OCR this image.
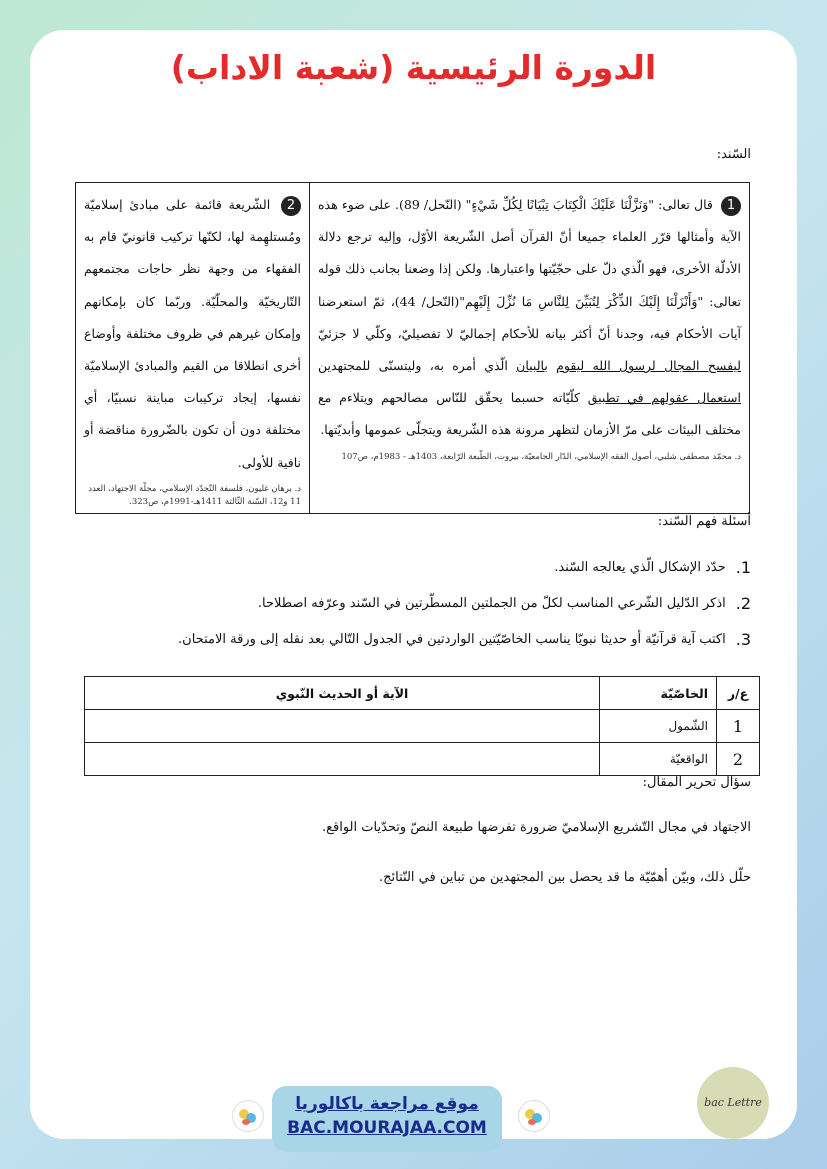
الدورة الرئيسية (شعبة الاداب)
السّند:
1 قال تعالى: "وَنَزَّلْنَا عَلَيْكَ الْكِتَابَ تِبْيَانًا لِكُلِّ شَيْءٍ" (النّحل/ 89). على ضوء هذه الآية وأمثالها قرّر العلماء جميعا أنّ القرآن أصل الشّريعة الأوّل، وإليه ترجع دلالة الأدلّة الأخرى، فهو الّذي دلّ على حجّيّتها واعتبارها. ولكن إذا وضعنا بجانب ذلك قوله تعالى: "وَأَنْزَلْنَا إِلَيْكَ الذِّكْرَ لِتُبَيِّنَ لِلنَّاسِ مَا نُزِّلَ إِلَيْهِم"(النّحل/ 44)، ثمّ استعرضنا آيات الأحكام فيه، وجدنا أنّ أكثر بيانه للأحكام إجماليّ لا تفصيليّ، وكلّي لا جزئيّ ليفسح المجال لرسول الله ليقوم بالبيان الّذي أمره به، وليتسنّى للمجتهدين استعمال عقولهم في تطبيق كلّيّاته حسبما يحقّق للنّاس مصالحهم ويتلاءم مع مختلف البيئات على مرّ الأزمان لتظهر مرونة هذه الشّريعة ويتجلّى عمومها وأبديّتها.
د. محمّد مصطفى شلبي، أصول الفقه الإسلامي، الدّار الجامعيّة، بيروت، الطّبعة الرّابعة، 1403هـ - 1983م، ص107
2 الشّريعة قائمة على مبادئ إسلاميّة ومُستلهِمة لها، لكنّها تركيب قانونيّ قام به الفقهاء من وجهة نظر حاجات مجتمعهم التّاريخيّة والمحلّيّة. وربّما كان بإمكانهم وإمكان غيرهم في ظروف مختلفة وأوضاع أخرى انطلاقا من القيم والمبادئ الإسلاميّة نفسها، إيجاد تركيبات مباينة نسبيّا، أي مختلفة دون أن تكون بالضّرورة مناقضة أو نافية للأولى.
د. برهان غليون، فلسفة التّجدّد الإسلامي، مجلّة الاجتهاد، العدد 11 و12، السّنة الثّالثة 1411هـ-1991م، ص323.
أسئلة فهم السّند:
1.
حدّد الإشكال الّذي يعالجه السّند.
2.
اذكر الدّليل الشّرعي المناسب لكلّ من الجملتين المسطّرتين في السّند وعرّفه اصطلاحا.
3.
اكتب آية قرآنيّة أو حديثا نبويّا يناسب الخاصّيّتين الواردتين في الجدول التّالي بعد نقله إلى ورقة الامتحان.
ع/ر	الخاصّيّة	الآية أو الحديث النّبوي
1	الشّمول	
2	الواقعيّة	
سؤال تحرير المقال:
الاجتهاد في مجال التّشريع الإسلاميّ ضرورة تفرضها طبيعة النصّ وتحدّيات الواقع.
حلّل ذلك، وبيّن أهمّيّة ما قد يحصل بين المجتهدين من تباين في النّتائج.
موقع مراجعة باكالوريا
BAC.MOURAJAA.COM
bac Lettre
